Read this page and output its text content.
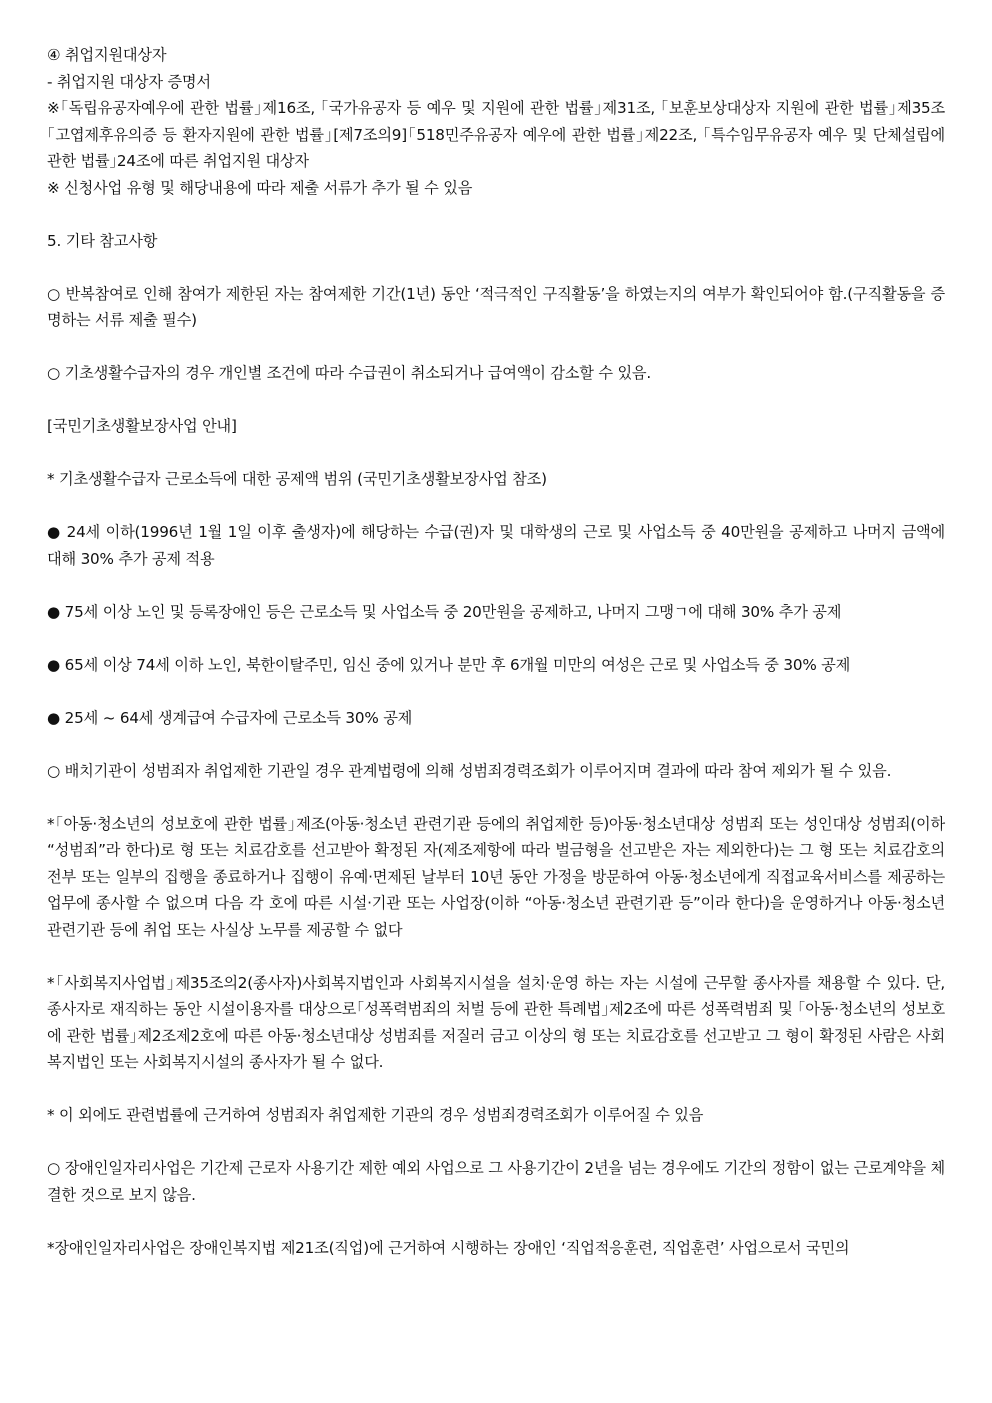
④ 취업지원대상자

- 취업지원 대상자 증명서

※｢독립유공자예우에 관한 법률｣제16조, ｢국가유공자 등 예우 및 지원에 관한 법률｣제31조, ｢보훈보상대상자 지원에 관한 법률｣제35조｢고엽제후유의증 등 환자지원에 관한 법률｣[제7조의9]｢518민주유공자 예우에 관한 법률｣제22조, ｢특수임무유공자 예우 및 단체설립에 관한 법률｣24조에 따른 취업지원 대상자

※ 신청사업 유형 및 해당내용에 따라 제출 서류가 추가 될 수 있음

5. 기타 참고사항

○ 반복참여로 인해 참여가 제한된 자는 참여제한 기간(1년) 동안 ‘적극적인 구직활동’을 하였는지의 여부가 확인되어야 함.(구직활동을 증명하는 서류 제출 필수)

○ 기초생활수급자의 경우 개인별 조건에 따라 수급권이 취소되거나 급여액이 감소할 수 있음.

[국민기초생활보장사업 안내]

* 기초생활수급자 근로소득에 대한 공제액 범위 (국민기초생활보장사업 참조)

● 24세 이하(1996년 1월 1일 이후 출생자)에 해당하는 수급(권)자 및 대학생의 근로 및 사업소득 중 40만원을 공제하고 나머지 금액에 대해 30% 추가 공제 적용

● 75세 이상 노인 및 등록장애인 등은 근로소득 및 사업소득 중 20만원을 공제하고, 나머지 그맹ㄱ에 대해 30% 추가 공제

● 65세 이상 74세 이하 노인, 북한이탈주민, 임신 중에 있거나 분만 후 6개월 미만의 여성은 근로 및 사업소득 중 30% 공제

● 25세 ~ 64세 생계급여 수급자에 근로소득 30% 공제

○ 배치기관이 성범죄자 취업제한 기관일 경우 관계법령에 의해 성범죄경력조회가 이루어지며 결과에 따라 참여 제외가 될 수 있음.

*｢아동·청소년의 성보호에 관한 법률｣제조(아동·청소년 관련기관 등에의 취업제한 등)아동·청소년대상 성범죄 또는 성인대상 성범죄(이하 “성범죄”라 한다)로 형 또는 치료감호를 선고받아 확정된 자(제조제항에 따라 벌금형을 선고받은 자는 제외한다)는 그 형 또는 치료감호의 전부 또는 일부의 집행을 종료하거나 집행이 유예·면제된 날부터 10년 동안 가정을 방문하여 아동·청소년에게 직접교육서비스를 제공하는 업무에 종사할 수 없으며 다음 각 호에 따른 시설·기관 또는 사업장(이하 “아동·청소년 관련기관 등”이라 한다)을 운영하거나 아동·청소년 관련기관 등에 취업 또는 사실상 노무를 제공할 수 없다

*｢사회복지사업법｣제35조의2(종사자)사회복지법인과 사회복지시설을 설치·운영 하는 자는 시설에 근무할 종사자를 채용할 수 있다. 단, 종사자로 재직하는 동안 시설이용자를 대상으로｢성폭력범죄의 처벌 등에 관한 특례법｣제2조에 따른 성폭력범죄 및 ｢아동·청소년의 성보호에 관한 법률｣제2조제2호에 따른 아동·청소년대상 성범죄를 저질러 금고 이상의 형 또는 치료감호를 선고받고 그 형이 확정된 사람은 사회복지법인 또는 사회복지시설의 종사자가 될 수 없다.

* 이 외에도 관련법률에 근거하여 성범죄자 취업제한 기관의 경우 성범죄경력조회가 이루어질 수 있음

○ 장애인일자리사업은 기간제 근로자 사용기간 제한 예외 사업으로 그 사용기간이 2년을 넘는 경우에도 기간의 정함이 없는 근로계약을 체결한 것으로 보지 않음.

*장애인일자리사업은 장애인복지법 제21조(직업)에 근거하여 시행하는 장애인 ‘직업적응훈련, 직업훈련’ 사업으로서 국민의
